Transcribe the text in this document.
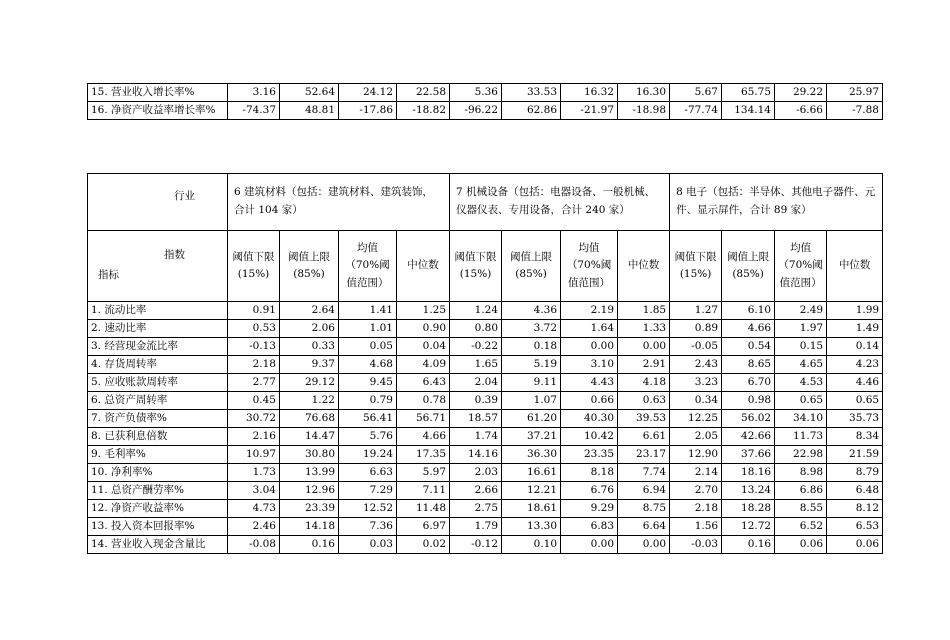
15. 营业收入增长率%	3.16	52.64	24.12	22.58	5.36	33.53	16.32	16.30	5.67	65.75	29.22	25.97
16. 净资产收益率增长率%	-74.37	48.81	-17.86	-18.82	-96.22	62.86	-21.97	-18.98	-77.74	134.14	-6.66	-7.88
行业	6 建筑材料（包括：建筑材料、建筑装饰，合计 104 家）				7 机械设备（包括：电器设备、一般机械、仪器仪表、专用设备，合计 240 家）				8 电子（包括：半导体、其他电子器件、元件、显示屏件，合计 89 家）			

指数
指标	阈值下限(15%)	阈值上限(85%)	均值（70%阈值范围）	中位数	阈值下限(15%)	阈值上限(85%)	均值（70%阈值范围）	中位数	阈值下限(15%)	阈值上限(85%)	均值（70%阈值范围）	中位数
1. 流动比率	0.91	2.64	1.41	1.25	1.24	4.36	2.19	1.85	1.27	6.10	2.49	1.99
2. 速动比率	0.53	2.06	1.01	0.90	0.80	3.72	1.64	1.33	0.89	4.66	1.97	1.49
3. 经营现金流比率	-0.13	0.33	0.05	0.04	-0.22	0.18	0.00	0.00	-0.05	0.54	0.15	0.14
4. 存货周转率	2.18	9.37	4.68	4.09	1.65	5.19	3.10	2.91	2.43	8.65	4.65	4.23
5. 应收账款周转率	2.77	29.12	9.45	6.43	2.04	9.11	4.43	4.18	3.23	6.70	4.53	4.46
6. 总资产周转率	0.45	1.22	0.79	0.78	0.39	1.07	0.66	0.63	0.34	0.98	0.65	0.65
7. 资产负债率%	30.72	76.68	56.41	56.71	18.57	61.20	40.30	39.53	12.25	56.02	34.10	35.73
8. 已获利息倍数	2.16	14.47	5.76	4.66	1.74	37.21	10.42	6.61	2.05	42.66	11.73	8.34
9. 毛利率%	10.97	30.80	19.24	17.35	14.16	36.30	23.35	23.17	12.90	37.66	22.98	21.59
10. 净利率%	1.73	13.99	6.63	5.97	2.03	16.61	8.18	7.74	2.14	18.16	8.98	8.79
11. 总资产酬劳率%	3.04	12.96	7.29	7.11	2.66	12.21	6.76	6.94	2.70	13.24	6.86	6.48
12. 净资产收益率%	4.73	23.39	12.52	11.48	2.75	18.61	9.29	8.75	2.18	18.28	8.55	8.12
13. 投入资本回报率%	2.46	14.18	7.36	6.97	1.79	13.30	6.83	6.64	1.56	12.72	6.52	6.53
14. 营业收入现金含量比	-0.08	0.16	0.03	0.02	-0.12	0.10	0.00	0.00	-0.03	0.16	0.06	0.06
